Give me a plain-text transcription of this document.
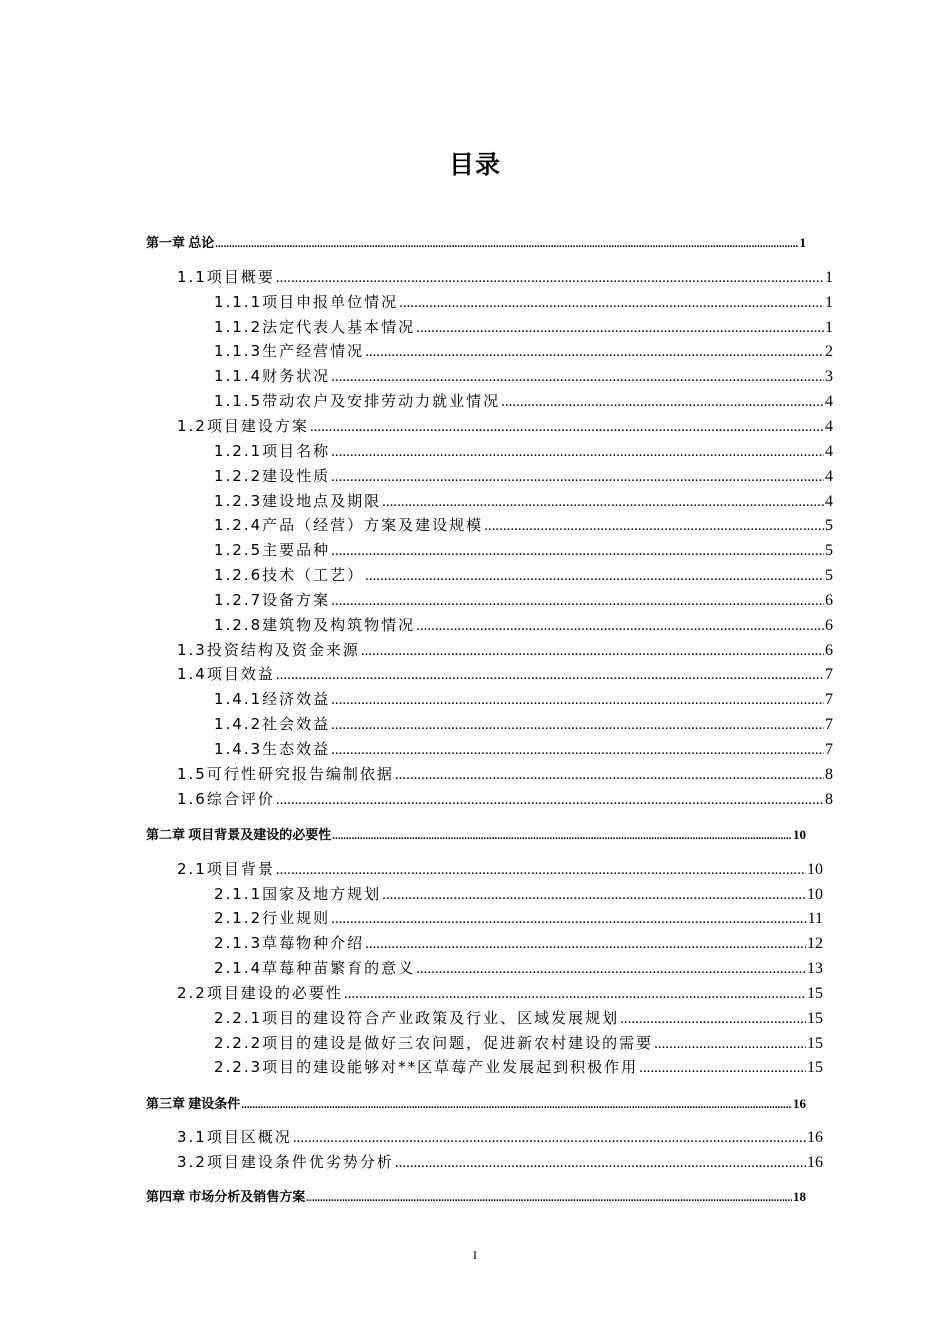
目录
第一章 总论 .....	1
1.1项目概要 .....	1
1.1.1项目申报单位情况 .....	1
1.1.2法定代表人基本情况 .....	1
1.1.3生产经营情况 .....	2
1.1.4财务状况 .....	3
1.1.5带动农户及安排劳动力就业情况 .....	4
1.2项目建设方案 .....	4
1.2.1项目名称 .....	4
1.2.2建设性质 .....	4
1.2.3建设地点及期限 .....	4
1.2.4产品（经营）方案及建设规模 .....	5
1.2.5主要品种 .....	5
1.2.6技术（工艺） .....	5
1.2.7设备方案 .....	6
1.2.8建筑物及构筑物情况 .....	6
1.3投资结构及资金来源 .....	6
1.4项目效益 .....	7
1.4.1经济效益 .....	7
1.4.2社会效益 .....	7
1.4.3生态效益 .....	7
1.5可行性研究报告编制依据 .....	8
1.6综合评价 .....	8
第二章 项目背景及建设的必要性 .....	10
2.1项目背景 .....	10
2.1.1国家及地方规划 .....	10
2.1.2行业规则 .....	11
2.1.3草莓物种介绍 .....	12
2.1.4草莓种苗繁育的意义 .....	13
2.2项目建设的必要性 .....	15
2.2.1项目的建设符合产业政策及行业、区域发展规划 .....	15
2.2.2项目的建设是做好三农问题，促进新农村建设的需要 .....	15
2.2.3项目的建设能够对**区草莓产业发展起到积极作用 .....	15
第三章 建设条件 .....	16
3.1项目区概况 .....	16
3.2项目建设条件优劣势分析 .....	16
第四章 市场分析及销售方案 .....	18
I
